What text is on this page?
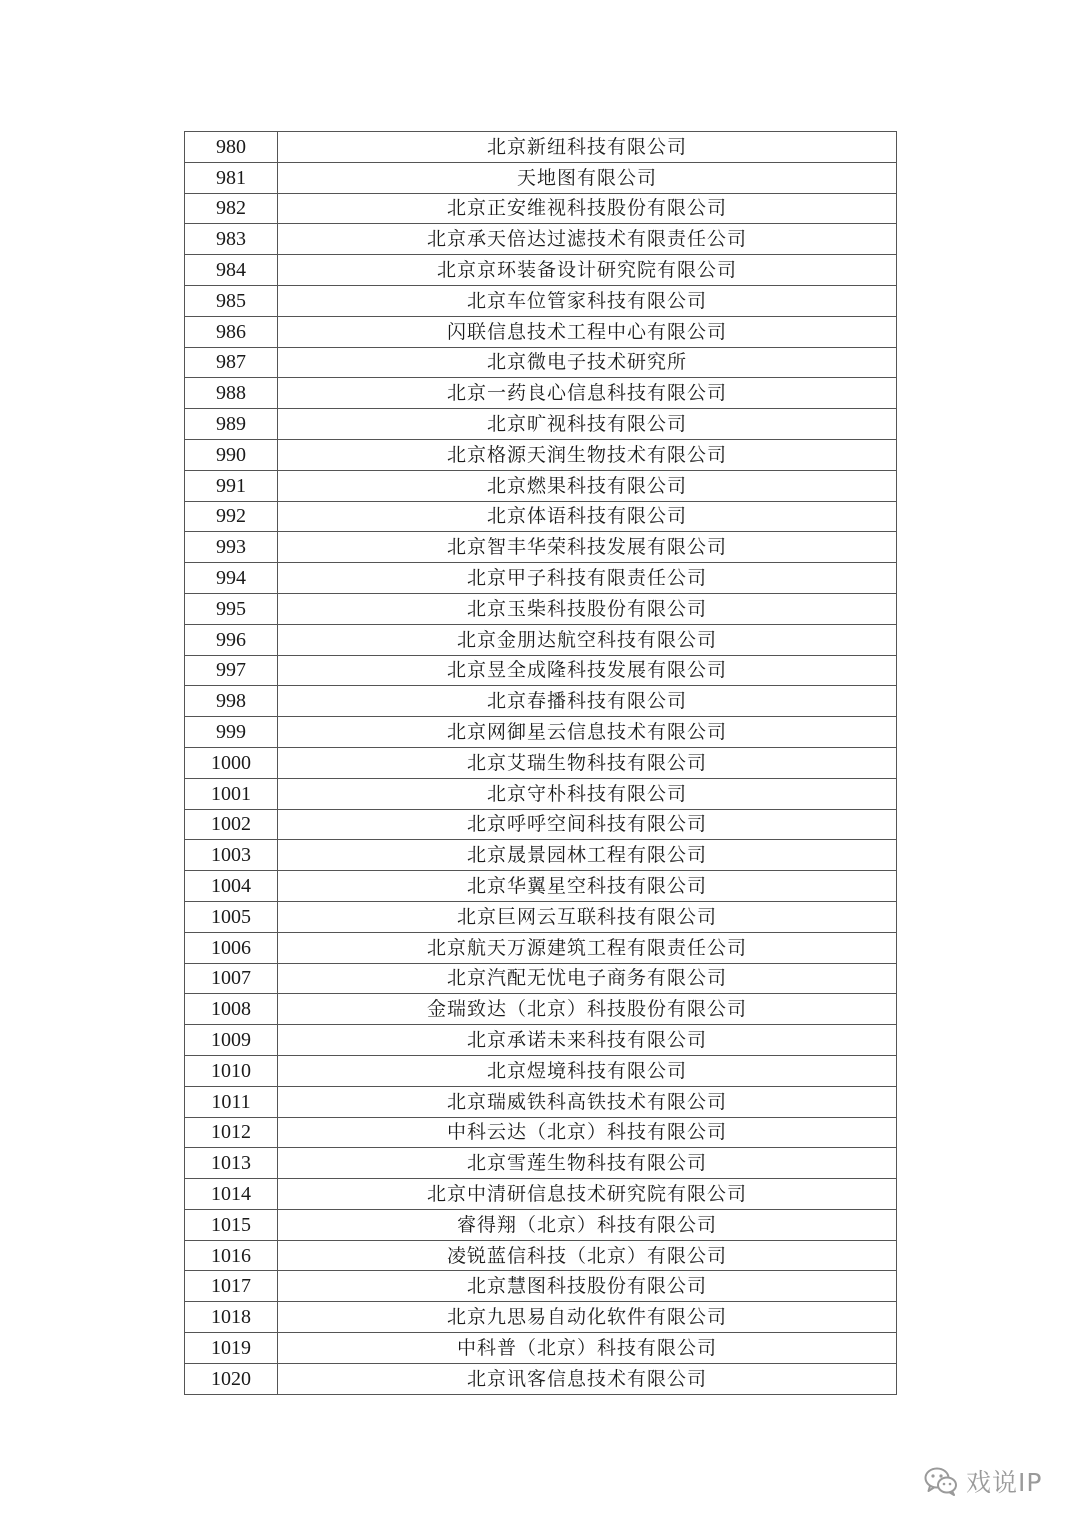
980	北京新纽科技有限公司
981	天地图有限公司
982	北京正安维视科技股份有限公司
983	北京承天倍达过滤技术有限责任公司
984	北京京环装备设计研究院有限公司
985	北京车位管家科技有限公司
986	闪联信息技术工程中心有限公司
987	北京微电子技术研究所
988	北京一药良心信息科技有限公司
989	北京旷视科技有限公司
990	北京格源天润生物技术有限公司
991	北京燃果科技有限公司
992	北京体语科技有限公司
993	北京智丰华荣科技发展有限公司
994	北京甲子科技有限责任公司
995	北京玉柴科技股份有限公司
996	北京金朋达航空科技有限公司
997	北京昱全成隆科技发展有限公司
998	北京春播科技有限公司
999	北京网御星云信息技术有限公司
1000	北京艾瑞生物科技有限公司
1001	北京守朴科技有限公司
1002	北京呼呼空间科技有限公司
1003	北京晟景园林工程有限公司
1004	北京华翼星空科技有限公司
1005	北京巨网云互联科技有限公司
1006	北京航天万源建筑工程有限责任公司
1007	北京汽配无忧电子商务有限公司
1008	金瑞致达（北京）科技股份有限公司
1009	北京承诺未来科技有限公司
1010	北京煜境科技有限公司
1011	北京瑞威铁科高铁技术有限公司
1012	中科云达（北京）科技有限公司
1013	北京雪莲生物科技有限公司
1014	北京中清研信息技术研究院有限公司
1015	睿得翔（北京）科技有限公司
1016	凌锐蓝信科技（北京）有限公司
1017	北京慧图科技股份有限公司
1018	北京九思易自动化软件有限公司
1019	中科普（北京）科技有限公司
1020	北京讯客信息技术有限公司
戏说IP
